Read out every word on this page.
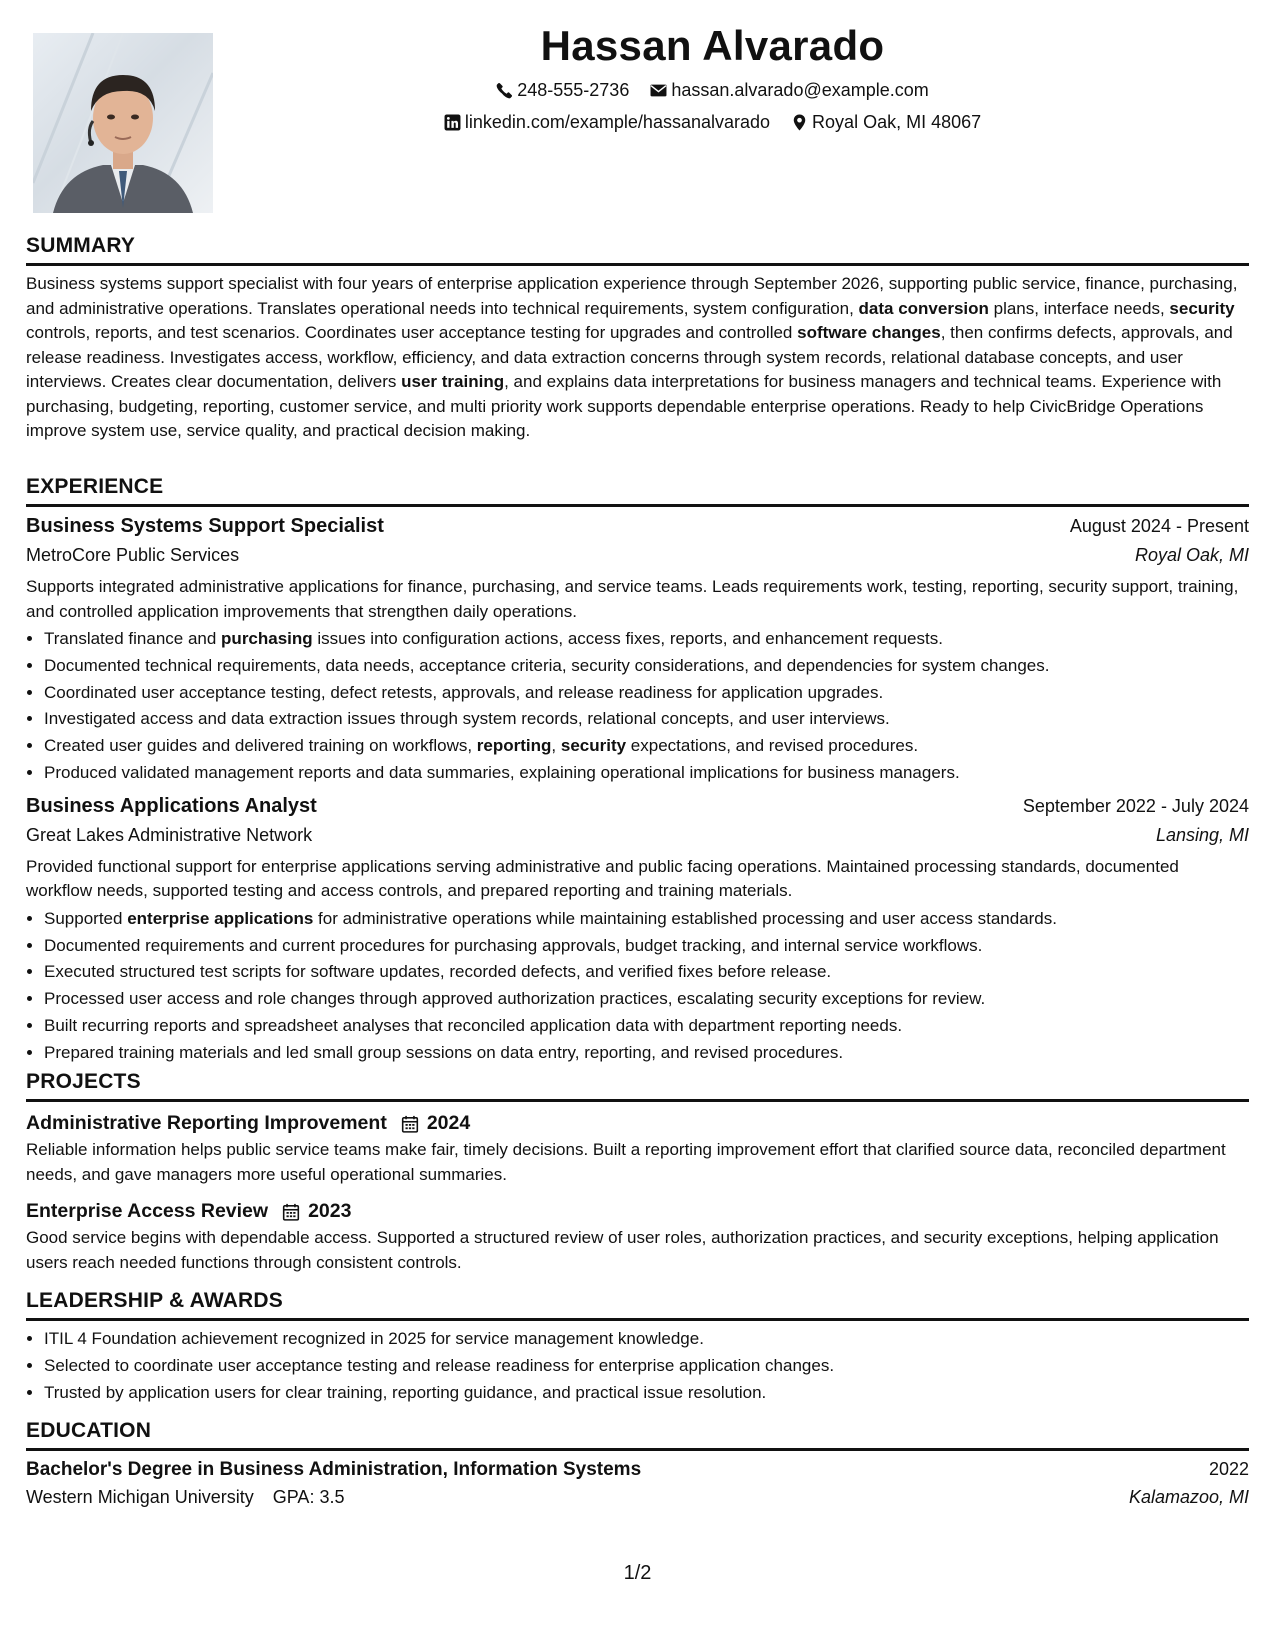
Hassan Alvarado
248-555-2736
hassan.alvarado@example.com
linkedin.com/example/hassanalvarado
Royal Oak, MI 48067
SUMMARY

Business systems support specialist with four years of enterprise application experience through September 2026, supporting public service, finance, purchasing, and administrative operations. Translates operational needs into technical requirements, system configuration, data conversion plans, interface needs, security controls, reports, and test scenarios. Coordinates user acceptance testing for upgrades and controlled software changes, then confirms defects, approvals, and release readiness. Investigates access, workflow, efficiency, and data extraction concerns through system records, relational database concepts, and user interviews. Creates clear documentation, delivers user training, and explains data interpretations for business managers and technical teams. Experience with purchasing, budgeting, reporting, customer service, and multi priority work supports dependable enterprise operations. Ready to help CivicBridge Operations improve system use, service quality, and practical decision making.

EXPERIENCE
Business Systems Support Specialist	August 2024 - Present
MetroCore Public Services	Royal Oak, MI

Supports integrated administrative applications for finance, purchasing, and service teams. Leads requirements work, testing, reporting, security support, training, and controlled application improvements that strengthen daily operations.

• Translated finance and purchasing issues into configuration actions, access fixes, reports, and enhancement requests.
• Documented technical requirements, data needs, acceptance criteria, security considerations, and dependencies for system changes.
• Coordinated user acceptance testing, defect retests, approvals, and release readiness for application upgrades.
• Investigated access and data extraction issues through system records, relational concepts, and user interviews.
• Created user guides and delivered training on workflows, reporting, security expectations, and revised procedures.
• Produced validated management reports and data summaries, explaining operational implications for business managers.
Business Applications Analyst	September 2022 - July 2024
Great Lakes Administrative Network	Lansing, MI

Provided functional support for enterprise applications serving administrative and public facing operations. Maintained processing standards, documented workflow needs, supported testing and access controls, and prepared reporting and training materials.

• Supported enterprise applications for administrative operations while maintaining established processing and user access standards.
• Documented requirements and current procedures for purchasing approvals, budget tracking, and internal service workflows.
• Executed structured test scripts for software updates, recorded defects, and verified fixes before release.
• Processed user access and role changes through approved authorization practices, escalating security exceptions for review.
• Built recurring reports and spreadsheet analyses that reconciled application data with department reporting needs.
• Prepared training materials and led small group sessions on data entry, reporting, and revised procedures.
PROJECTS
Administrative Reporting Improvement 2024

Reliable information helps public service teams make fair, timely decisions. Built a reporting improvement effort that clarified source data, reconciled department needs, and gave managers more useful operational summaries.

Enterprise Access Review 2023

Good service begins with dependable access. Supported a structured review of user roles, authorization practices, and security exceptions, helping application users reach needed functions through consistent controls.

LEADERSHIP & AWARDS
• ITIL 4 Foundation achievement recognized in 2025 for service management knowledge.
• Selected to coordinate user acceptance testing and release readiness for enterprise application changes.
• Trusted by application users for clear training, reporting guidance, and practical issue resolution.
EDUCATION
Bachelor's Degree in Business Administration, Information Systems	2022
Western Michigan University GPA: 3.5	Kalamazoo, MI
1/2
